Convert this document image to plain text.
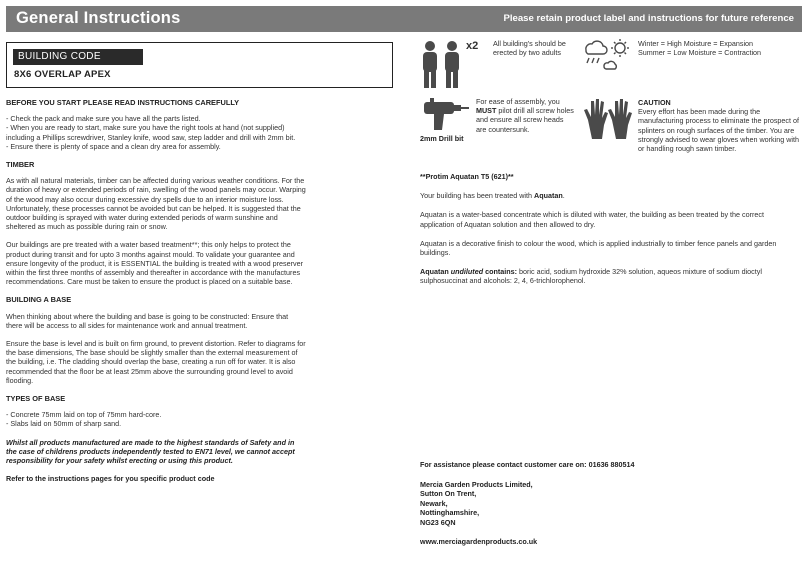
General Instructions	Please retain product label and instructions for future reference
BUILDING CODE
8X6 OVERLAP APEX
BEFORE YOU START PLEASE READ INSTRUCTIONS CAREFULLY
- Check the pack and make sure you have all the parts listed.
- When you are ready to start, make sure you have the right tools at hand (not supplied) including a Phillips screwdriver, Stanley knife, wood saw, step ladder and drill with 2mm bit.
- Ensure there is plenty of space and a clean dry area for assembly.
TIMBER
As with all natural materials, timber can be affected during various weather conditions. For the duration of heavy or extended periods of rain, swelling of the wood panels may occur. Warping of the wood may also occur during excessive dry spells due to an interior moisture loss. Unfortunately, these processes cannot be avoided but can be helped. It is suggested that the outdoor building is sprayed with water during extended periods of warm sunshine and sheltered as much as possible during rain or snow.
Our buildings are pre treated with a water based treatment**; this only helps to protect the product during transit and for upto 3 months against mould. To validate your guarantee and ensure longevity of the product, it is ESSENTIAL the building is treated with a wood preserver within the first three months of assembly and thereafter in accordance with the manufactures recommendations. Care must be taken to ensure the product is placed on a suitable base.
BUILDING A BASE
When thinking about where the building and base is going to be constructed: Ensure that there will be access to all sides for maintenance work and annual treatment.
Ensure the base is level and is built on firm ground, to prevent distortion. Refer to diagrams for the base dimensions, The base should be slightly smaller than the external measurement of the building, i.e. The cladding should overlap the base, creating a run off for water. It is also recommended that the floor be at least 25mm above the surrounding ground level to avoid flooding.
TYPES OF BASE
- Concrete 75mm laid on top of 75mm hard-core.
- Slabs laid on 50mm of sharp sand.
Whilst all products manufactured are made to the highest standards of Safety and in the case of childrens products independently tested to EN71 level, we cannot accept responsibility for your safety whilst erecting or using this product.
Refer to the instructions pages for you specific product code
x2 All building's should be erected by two adults
Winter = High Moisture = Expansion
Summer = Low Moisture = Contraction
2mm Drill bit
For ease of assembly, you MUST pilot drill all screw holes and ensure all screw heads are countersunk.
CAUTION
Every effort has been made during the manufacturing process to eliminate the prospect of splinters on rough surfaces of the timber. You are strongly advised to wear gloves when working with or handling rough sawn timber.
**Protim Aquatan T5 (621)**
Your building has been treated with Aquatan.
Aquatan is a water-based concentrate which is diluted with water, the building as been treated by the correct application of Aquatan solution and then allowed to dry.
Aquatan is a decorative finish to colour the wood, which is applied industrially to timber fence panels and garden buildings.
Aquatan undiluted contains: boric acid, sodium hydroxide 32% solution, aqueos mixture of sodium dioctyl sulphosuccinat and alcohols: 2, 4, 6-trichlorophenol.
For assistance please contact customer care on: 01636 880514
Mercia Garden Products Limited,
Sutton On Trent,
Newark,
Nottinghamshire,
NG23 6QN
www.merciagardenproducts.co.uk
